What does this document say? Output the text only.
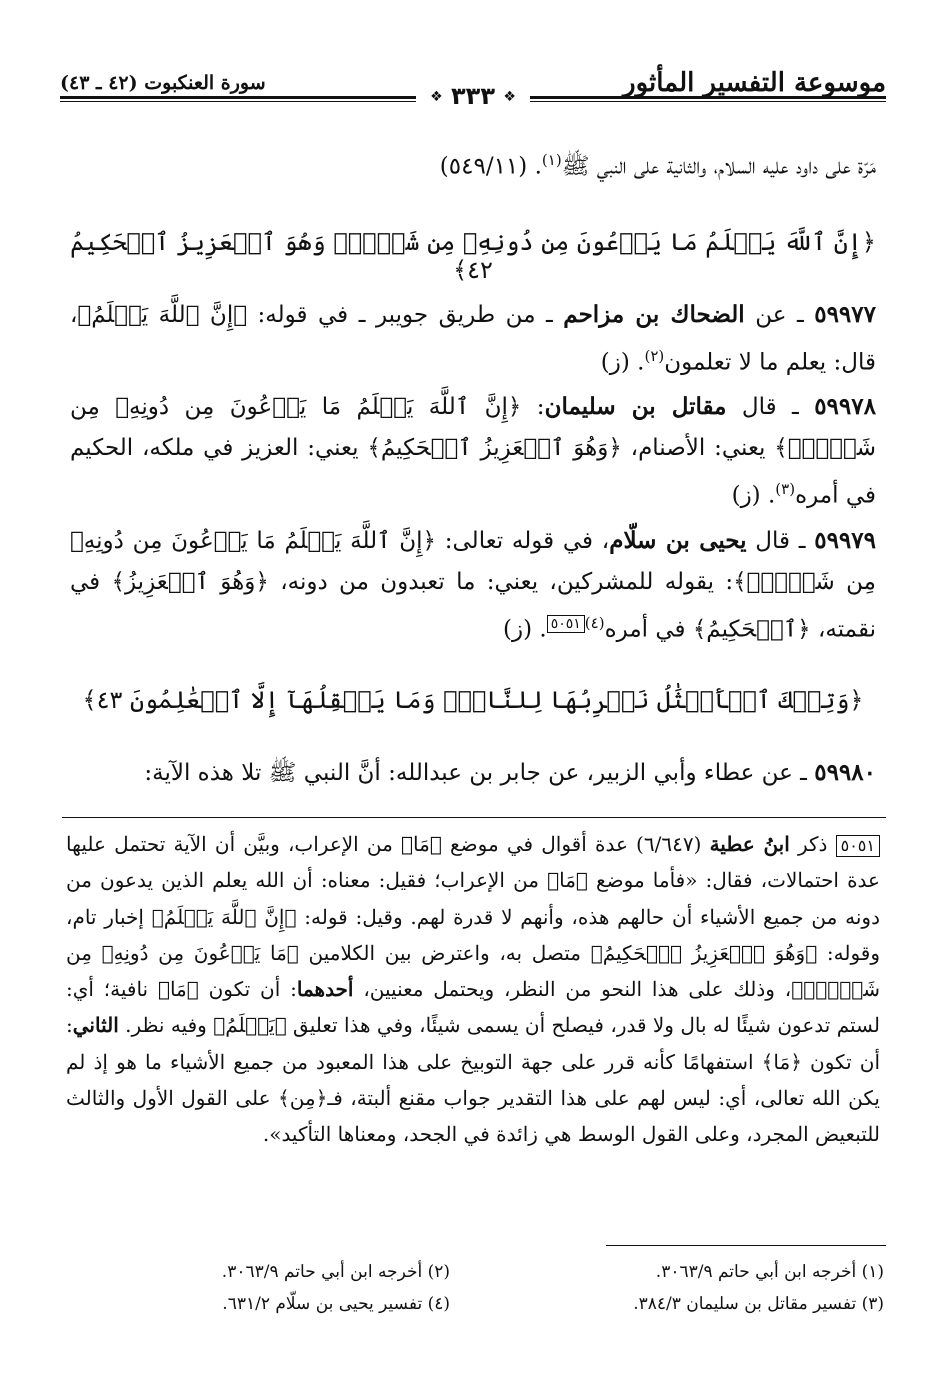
موسوعة التفسير المأثور
❖ ٣٣٣ ❖
سورة العنكبوت (٤٢ ـ ٤٣)
مَرّة على داود عليه السلام، والثانية على النبي ﷺ$^{(١)}$. (٥٤٩/١١)
﴿إِنَّ ٱللَّهَ يَعۡلَمُ مَا يَدۡعُونَ مِن دُونِهِۦ مِن شَيۡءٖۚ وَهُوَ ٱلۡعَزِيزُ ٱلۡحَكِيمُ ٤٢﴾
٥٩٩٧٧ ـ عن الضحاك بن مزاحم ـ من طريق جويبر ـ في قوله: ﴿إِنَّ ٱللَّهَ يَعۡلَمُ﴾، قال: يعلم ما لا تعلمون$^{(٢)}$. (ز)
٥٩٩٧٨ ـ قال مقاتل بن سليمان: ﴿إِنَّ ٱللَّهَ يَعۡلَمُ مَا يَدۡعُونَ مِن دُونِهِۦ مِن شَيۡءٖۚ﴾ يعني: الأصنام، ﴿وَهُوَ ٱلۡعَزِيزُ ٱلۡحَكِيمُ﴾ يعني: العزيز في ملكه، الحكيم في أمره$^{(٣)}$. (ز)
٥٩٩٧٩ ـ قال يحيى بن سلّام، في قوله تعالى: ﴿إِنَّ ٱللَّهَ يَعۡلَمُ مَا يَدۡعُونَ مِن دُونِهِۦ مِن شَيۡءٖۚ﴾: يقوله للمشركين، يعني: ما تعبدون من دونه، ﴿وَهُوَ ٱلۡعَزِيزُ﴾ في نقمته، ﴿ٱلۡحَكِيمُ﴾ في أمره$^{(٤)}$٥٠٥١. (ز)
﴿وَتِلۡكَ ٱلۡأَمۡثَٰلُ نَضۡرِبُهَا لِلنَّاسِۖ وَمَا يَعۡقِلُهَآ إِلَّا ٱلۡعَٰلِمُونَ ٤٣﴾
٥٩٩٨٠ ـ عن عطاء وأبي الزبير، عن جابر بن عبدالله: أنَّ النبي ﷺ تلا هذه الآية:
٥٠٥١ ذكر ابنُ عطية (٦/٦٤٧) عدة أقوال في موضع ﴿مَا﴾ من الإعراب، وبيَّن أن الآية تحتمل عليها عدة احتمالات، فقال: «فأما موضع ﴿مَا﴾ من الإعراب؛ فقيل: معناه: أن الله يعلم الذين يدعون من دونه من جميع الأشياء أن حالهم هذه، وأنهم لا قدرة لهم. وقيل: قوله: ﴿إِنَّ ٱللَّهَ يَعۡلَمُ﴾ إخبار تام، وقوله: ﴿وَهُوَ ٱلۡعَزِيزُ ٱلۡحَكِيمُ﴾ متصل به، واعترض بين الكلامين ﴿مَا يَدۡعُونَ مِن دُونِهِۦ مِن شَيۡءٖۚ﴾، وذلك على هذا النحو من النظر، ويحتمل معنيين، أحدهما: أن تكون ﴿مَا﴾ نافية؛ أي: لستم تدعون شيئًا له بال ولا قدر، فيصلح أن يسمى شيئًا، وفي هذا تعليق ﴿يَعۡلَمُ﴾ وفيه نظر. الثاني: أن تكون ﴿مَا﴾ استفهامًا كأنه قرر على جهة التوبيخ على هذا المعبود من جميع الأشياء ما هو إذ لم يكن الله تعالى، أي: ليس لهم على هذا التقدير جواب مقنع ألبتة، فـ﴿مِن﴾ على القول الأول والثالث للتبعيض المجرد، وعلى القول الوسط هي زائدة في الجحد، ومعناها التأكيد».
(١) أخرجه ابن أبي حاتم ٣٠٦٣/٩.
(٢) أخرجه ابن أبي حاتم ٣٠٦٣/٩.
(٣) تفسير مقاتل بن سليمان ٣٨٤/٣.
(٤) تفسير يحيى بن سلّام ٦٣١/٢.
